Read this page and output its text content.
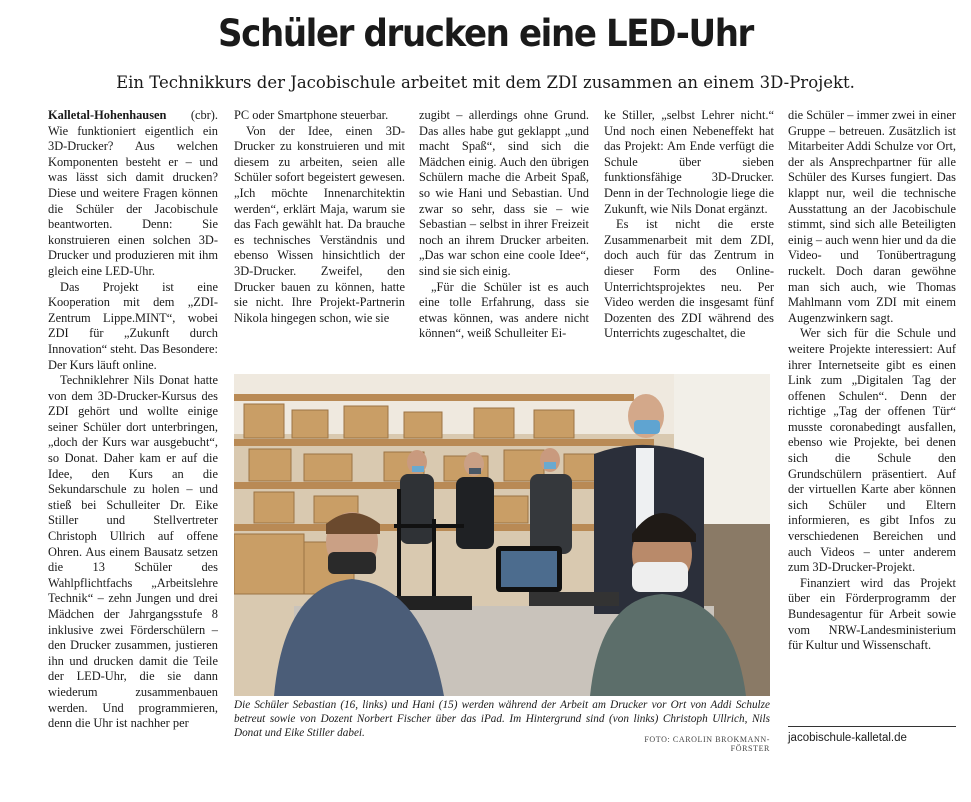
Schüler drucken eine LED-Uhr
Ein Technikkurs der Jacobischule arbeitet mit dem ZDI zusammen an einem 3D-Projekt.

Kalletal-Hohenhausen (cbr). Wie funktioniert eigentlich ein 3D-Drucker? Aus welchen Komponenten besteht er – und was lässt sich damit drucken? Diese und weitere Fragen können die Schüler der Jacobischule beantworten. Denn: Sie konstruieren einen solchen 3D-Drucker und produzieren mit ihm gleich eine LED-Uhr.

Das Projekt ist eine Kooperation mit dem „ZDI-Zentrum Lippe.MINT“, wobei ZDI für „Zukunft durch Innovation“ steht. Das Besondere: Der Kurs läuft online.

Techniklehrer Nils Donat hatte von dem 3D-Drucker-Kursus des ZDI gehört und wollte einige seiner Schüler dort unterbringen, „doch der Kurs war ausgebucht“, so Donat. Daher kam er auf die Idee, den Kurs an die Sekundarschule zu holen – und stieß bei Schulleiter Dr. Eike Stiller und Stellvertreter Christoph Ullrich auf offene Ohren. Aus einem Bausatz setzen die 13 Schüler des Wahlpflichtfachs „Arbeitslehre Technik“ – zehn Jungen und drei Mädchen der Jahrgangsstufe 8 inklusive zwei Förderschülern – den Drucker zusammen, justieren ihn und drucken damit die Teile der LED-Uhr, die sie dann wiederum zusammenbauen werden. Und programmieren, denn die Uhr ist nachher per

PC oder Smartphone steuerbar.

Von der Idee, einen 3D-Drucker zu konstruieren und mit diesem zu arbeiten, seien alle Schüler sofort begeistert gewesen. „Ich möchte Innenarchitektin werden“, erklärt Maja, warum sie das Fach gewählt hat. Da brauche es technisches Verständnis und ebenso Wissen hinsichtlich der 3D-Drucker. Zweifel, den Drucker bauen zu können, hatte sie nicht. Ihre Projekt-Partnerin Nikola hingegen schon, wie sie

zugibt – allerdings ohne Grund. Das alles habe gut geklappt „und macht Spaß“, sind sich die Mädchen einig. Auch den übrigen Schülern mache die Arbeit Spaß, so wie Hani und Sebastian. Und zwar so sehr, dass sie – wie Sebastian – selbst in ihrer Freizeit noch an ihrem Drucker arbeiten. „Das war schon eine coole Idee“, sind sie sich einig.

„Für die Schüler ist es auch eine tolle Erfahrung, dass sie etwas können, was andere nicht können“, weiß Schulleiter Ei-

ke Stiller, „selbst Lehrer nicht.“ Und noch einen Nebeneffekt hat das Projekt: Am Ende verfügt die Schule über sieben funktionsfähige 3D-Drucker. Denn in der Technologie liege die Zukunft, wie Nils Donat ergänzt.

Es ist nicht die erste Zusammenarbeit mit dem ZDI, doch auch für das Zentrum in dieser Form des Online-Unterrichtsprojektes neu. Per Video werden die insgesamt fünf Dozenten des ZDI während des Unterrichts zugeschaltet, die

die Schüler – immer zwei in einer Gruppe – betreuen. Zusätzlich ist Mitarbeiter Addi Schulze vor Ort, der als Ansprechpartner für alle Schüler des Kurses fungiert. Das klappt nur, weil die technische Ausstattung an der Jacobischule stimmt, sind sich alle Beteiligten einig – auch wenn hier und da die Video- und Tonübertragung ruckelt. Doch daran gewöhne man sich auch, wie Thomas Mahlmann vom ZDI mit einem Augenzwinkern sagt.

Wer sich für die Schule und weitere Projekte interessiert: Auf ihrer Internetseite gibt es einen Link zum „Digitalen Tag der offenen Schulen“. Denn der richtige „Tag der offenen Tür“ musste coronabedingt ausfallen, ebenso wie Projekte, bei denen sich die Schule den Grundschülern präsentiert. Auf der virtuellen Karte aber können sich Schüler und Eltern informieren, es gibt Infos zu verschiedenen Bereichen und auch Videos – unter anderem zum 3D-Drucker-Projekt.

Finanziert wird das Projekt über ein Förderprogramm der Bundesagentur für Arbeit sowie vom NRW-Landesministerium für Kultur und Wissenschaft.

Die Schüler Sebastian (16, links) und Hani (15) werden während der Arbeit am Drucker vor Ort von Addi Schulze betreut sowie von Dozent Norbert Fischer über das iPad. Im Hintergrund sind (von links) Christoph Ullrich, Nils Donat und Eike Stiller dabei.
FOTO: CAROLIN BROKMANN-FÖRSTER
jacobischule-kalletal.de
